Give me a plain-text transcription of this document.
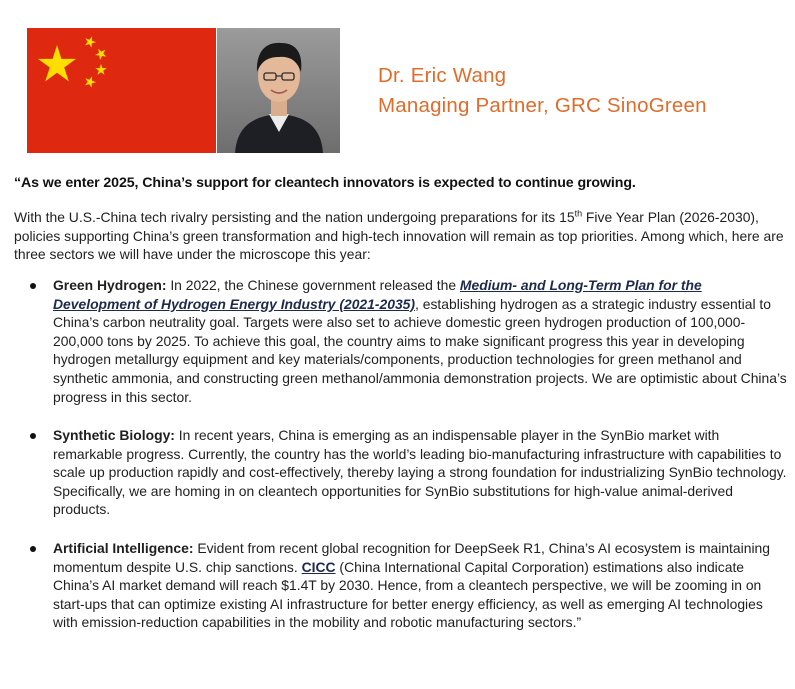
Dr. Eric Wang
Managing Partner, GRC SinoGreen
“As we enter 2025, China’s support for cleantech innovators is expected to continue growing.
With the U.S.-China tech rivalry persisting and the nation undergoing preparations for its 15th Five Year Plan (2026-2030), policies supporting China’s green transformation and high-tech innovation will remain as top priorities. Among which, here are three sectors we will have under the microscope this year:
Green Hydrogen: In 2022, the Chinese government released the Medium- and Long-Term Plan for the Development of Hydrogen Energy Industry (2021-2035), establishing hydrogen as a strategic industry essential to China’s carbon neutrality goal. Targets were also set to achieve domestic green hydrogen production of 100,000-200,000 tons by 2025. To achieve this goal, the country aims to make significant progress this year in developing hydrogen metallurgy equipment and key materials/components, production technologies for green methanol and synthetic ammonia, and constructing green methanol/ammonia demonstration projects. We are optimistic about China’s progress in this sector.
Synthetic Biology: In recent years, China is emerging as an indispensable player in the SynBio market with remarkable progress. Currently, the country has the world’s leading bio-manufacturing infrastructure with capabilities to scale up production rapidly and cost-effectively, thereby laying a strong foundation for industrializing SynBio technology. Specifically, we are homing in on cleantech opportunities for SynBio substitutions for high-value animal-derived products.
Artificial Intelligence: Evident from recent global recognition for DeepSeek R1, China’s AI ecosystem is maintaining momentum despite U.S. chip sanctions. CICC (China International Capital Corporation) estimations also indicate China’s AI market demand will reach $1.4T by 2030. Hence, from a cleantech perspective, we will be zooming in on start-ups that can optimize existing AI infrastructure for better energy efficiency, as well as emerging AI technologies with emission-reduction capabilities in the mobility and robotic manufacturing sectors.”
